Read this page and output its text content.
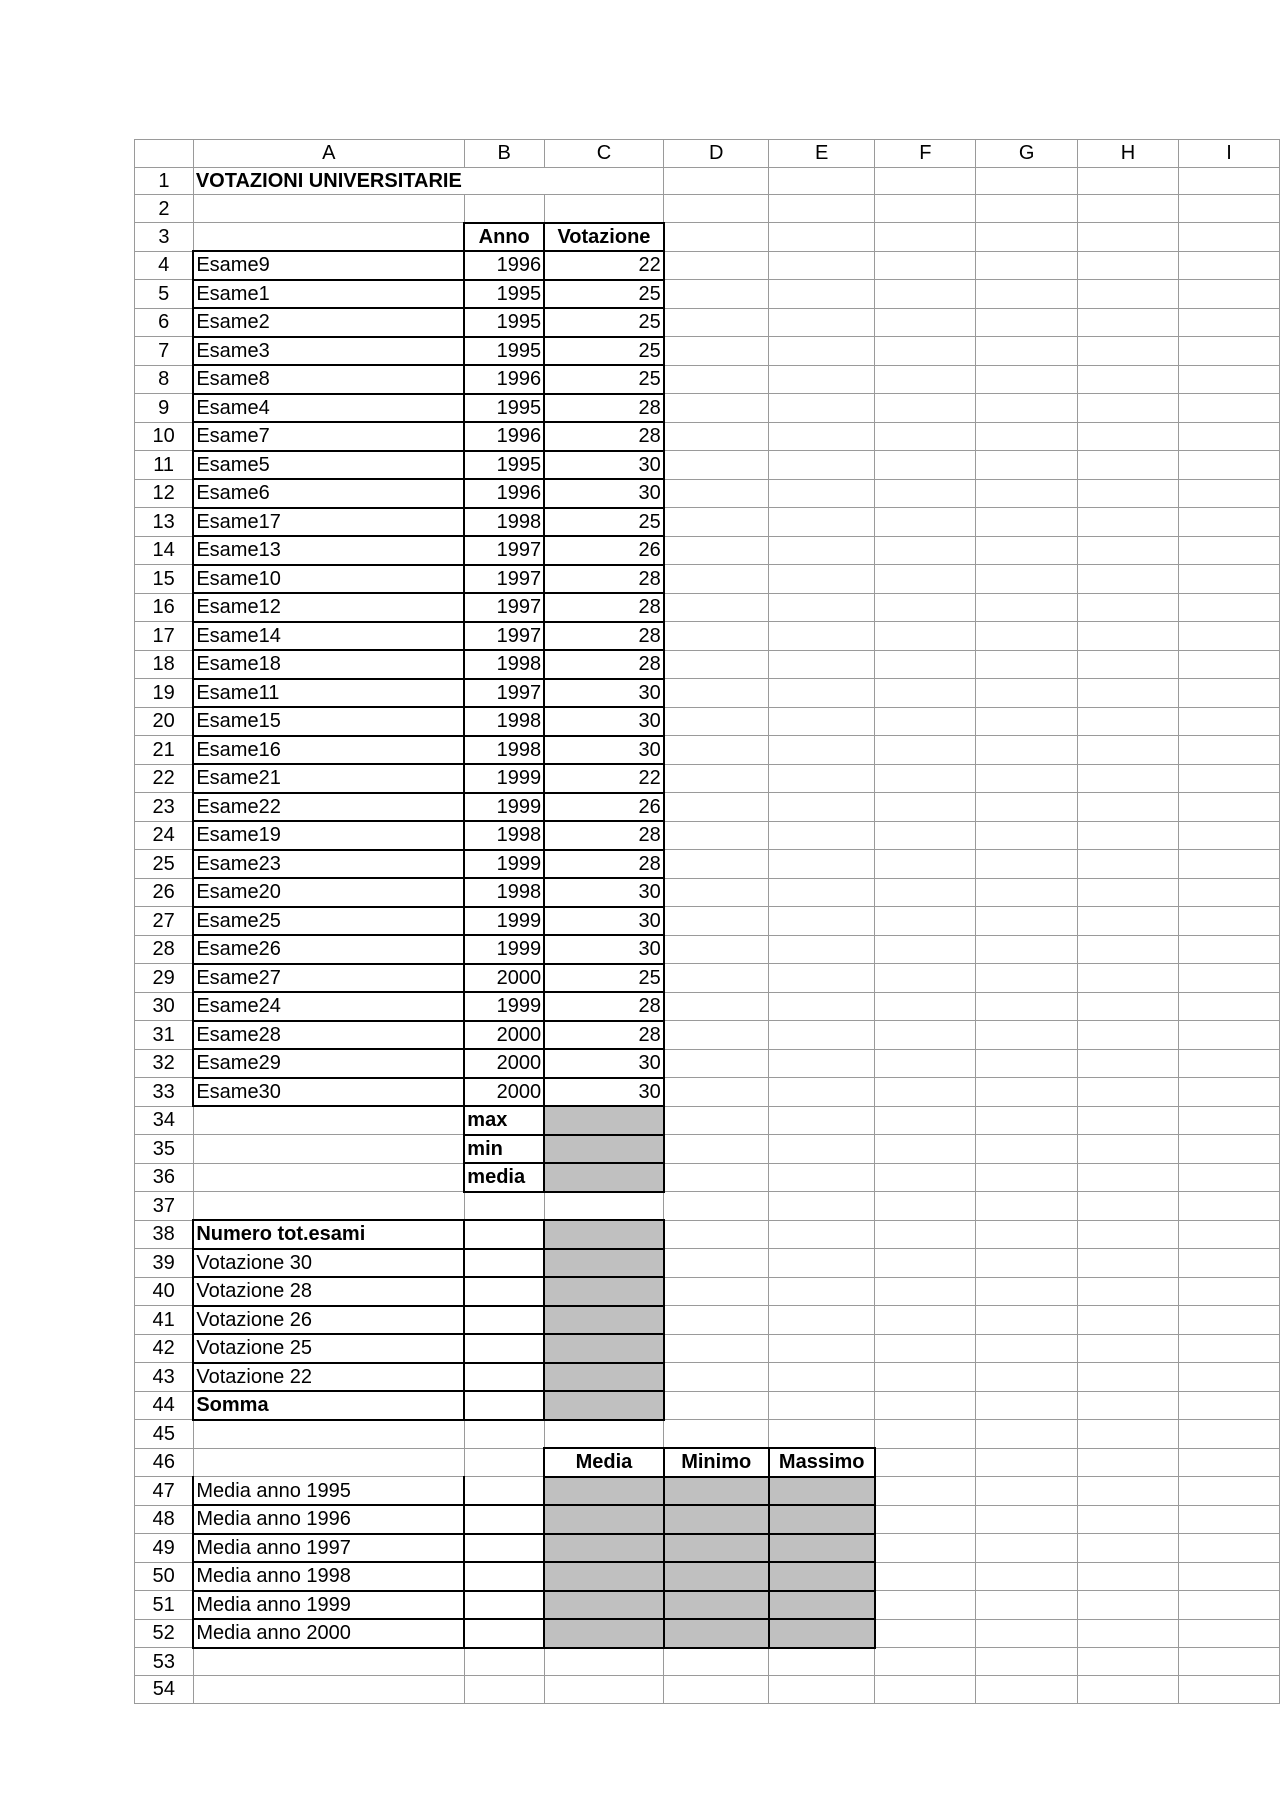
	A	B	C	D	E	F	G	H	I
1	VOTAZIONI UNIVERSITARIE								
2									
3		Anno	Votazione						
4	Esame9	1996	22						
5	Esame1	1995	25						
6	Esame2	1995	25						
7	Esame3	1995	25						
8	Esame8	1996	25						
9	Esame4	1995	28						
10	Esame7	1996	28						
11	Esame5	1995	30						
12	Esame6	1996	30						
13	Esame17	1998	25						
14	Esame13	1997	26						
15	Esame10	1997	28						
16	Esame12	1997	28						
17	Esame14	1997	28						
18	Esame18	1998	28						
19	Esame11	1997	30						
20	Esame15	1998	30						
21	Esame16	1998	30						
22	Esame21	1999	22						
23	Esame22	1999	26						
24	Esame19	1998	28						
25	Esame23	1999	28						
26	Esame20	1998	30						
27	Esame25	1999	30						
28	Esame26	1999	30						
29	Esame27	2000	25						
30	Esame24	1999	28						
31	Esame28	2000	28						
32	Esame29	2000	30						
33	Esame30	2000	30						
34		max							
35		min							
36		media							
37									
38	Numero tot.esami								
39	Votazione 30								
40	Votazione 28								
41	Votazione 26								
42	Votazione 25								
43	Votazione 22								
44	Somma								
45									
46			Media	Minimo	Massimo				
47	Media anno 1995								
48	Media anno 1996								
49	Media anno 1997								
50	Media anno 1998								
51	Media anno 1999								
52	Media anno 2000								
53									
54									
